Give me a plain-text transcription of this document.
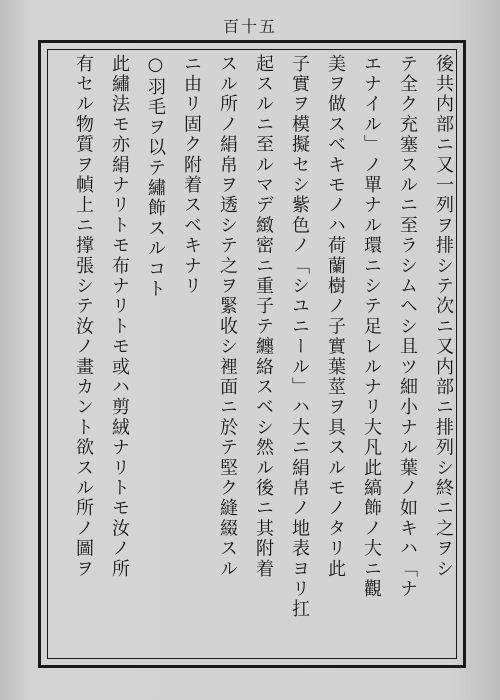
百十五
後共内部ニ又一列ヲ排シテ次ニ又内部ニ排列シ終ニ之ヲシ
テ全ク充塞スルニ至ラシムヘシ且ツ細小ナル葉ノ如キハ「ナ
エナイル」ノ單ナル環ニシテ足レルナリ大凡此縞飾ノ大ニ觀
美ヲ做スベキモノハ荷蘭樹ノ子實葉莖ヲ具スルモノタリ此
子實ヲ模擬セシ紫色ノ「シユニール」ハ大ニ絹帛ノ地表ヨリ扛
起スルニ至ルマデ緻密ニ重子テ纏絡スベシ然ル後ニ其附着
スル所ノ絹帛ヲ透シテ之ヲ緊收シ裡面ニ於テ堅ク縫綴スル
ニ由リ固ク附着スベキナリ
○羽毛ヲ以テ繡飾スルコト
此繡法モ亦絹ナリトモ布ナリトモ或ハ剪絨ナリトモ汝ノ所
有セル物質ヲ幀上ニ撑張シテ汝ノ畫カント欲スル所ノ圖ヲ
